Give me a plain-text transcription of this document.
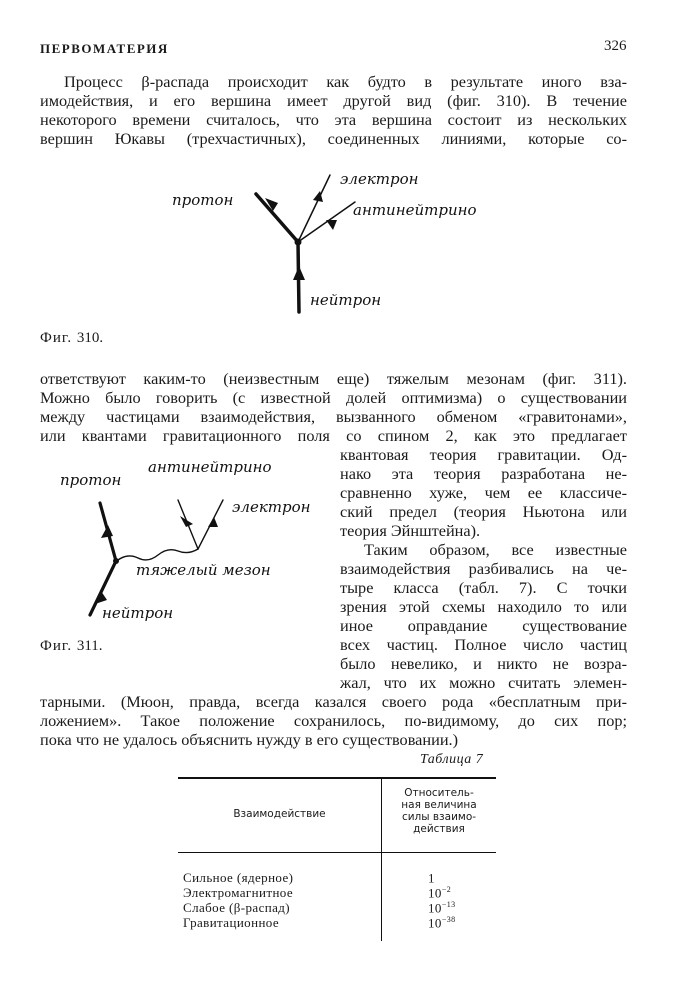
ПЕРВОМАТЕРИЯ	326
Процесс β-распада происходит как будто в результате иного вза-
имодействия, и его вершина имеет другой вид (фиг. 310). В течение
некоторого времени считалось, что эта вершина состоит из нескольких
вершин Юкавы (трехчастичных), соединенных линиями, которые со-
протон
электрон
антинейтрино
нейтрон
Фиг. 310.
ответствуют каким-то (неизвестным еще) тяжелым мезонам (фиг. 311).
Можно было говорить (с известной долей оптимизма) о существовании
между частицами взаимодействия, вызванного обменом «гравитонами»,
или квантами гравитационного поля со спином 2, как это предлагает
квантовая теория гравитации. Од-
нако эта теория разработана не-
сравненно хуже, чем ее классиче-
ский предел (теория Ньютона или
теория Эйнштейна).
Таким образом, все известные
взаимодействия разбивались на че-
тыре класса (табл. 7). С точки
зрения этой схемы находило то или
иное оправдание существование
всех частиц. Полное число частиц
было невелико, и никто не возра-
жал, что их можно считать элемен-
тарными. (Мюон, правда, всегда казался своего рода «бесплатным при-
ложением». Такое положение сохранилось, по-видимому, до сих пор;
пока что не удалось объяснить нужду в его существовании.)
протон
антинейтрино
электрон
тяжелый мезон
нейтрон
Фиг. 311.
Таблица 7
Взаимодействие
Относитель-
ная величина
силы взаимо-
действия
Сильное (ядерное)
Электромагнитное
Слабое (β-распад)
Гравитационное
1
$10^{-2}$
$10^{-13}$
$10^{-38}$
